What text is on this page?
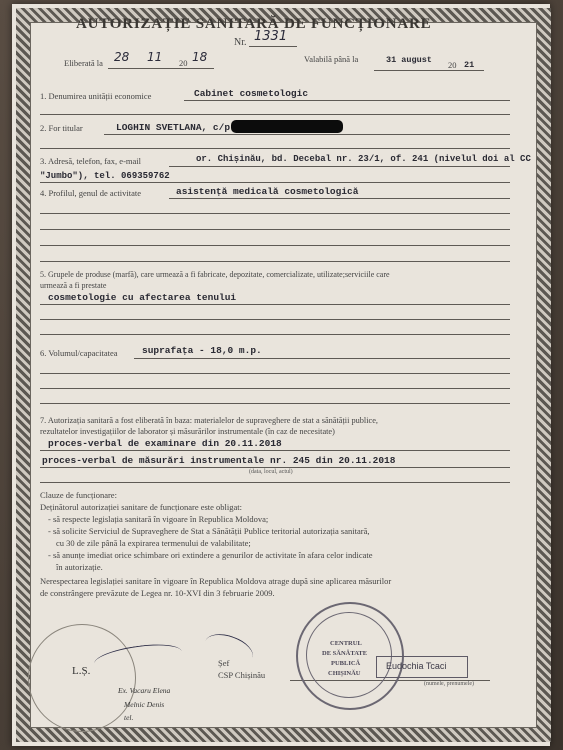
AUTORIZAȚIE SANITARĂ DE FUNCȚIONARE
Nr. 1331
Eliberată la 28 11 20 18	Valabilă până la	31 august 20 21
1. Denumirea unității economice	Cabinet cosmetologic
2. For titular	LOGHIN SVETLANA, c/p
3. Adresă, telefon, fax, e-mail	or. Chișinău, bd. Decebal nr. 23/1, of. 241 (nivelul doi al CC
"Jumbo"), tel. 069359762
4. Profilul, genul de activitate	asistență medicală cosmetologică
5. Grupele de produse (marfă), care urmează a fi fabricate, depozitate, comercializate, utilizate;serviciile care
urmează a fi prestate
cosmetologie cu afectarea tenului
6. Volumul/capacitatea	suprafața - 18,0 m.p.
7. Autorizația sanitară a fost eliberată în baza: materialelor de supraveghere de stat a sănătății publice,
rezultatelor investigațiilor de laborator și măsurărilor instrumentale (în caz de necesitate)
proces-verbal de examinare din 20.11.2018
proces-verbal de măsurări instrumentale nr. 245 din 20.11.2018
(data, locul, actul)
Clauze de funcționare:
Deținătorul autorizației sanitare de funcționare este obligat:
- să respecte legislația sanitară în vigoare în Republica Moldova;
- să solicite Serviciul de Supraveghere de Stat a Sănătății Publice teritorial autorizația sanitară,
cu 30 de zile până la expirarea termenului de valabilitate;
- să anunțe imediat orice schimbare ori extindere a genurilor de activitate în afara celor indicate
în autorizație.
Nerespectarea legislației sanitare în vigoare în Republica Moldova atrage după sine aplicarea măsurilor
de constrângere prevăzute de Legea nr. 10-XVI din 3 februarie 2009.
L.Ș.
Ex. Vacaru Elena
Melnic Denis
tel.
Șef
CSP Chișinău
CENTRUL
DE SĂNĂTATE
PUBLICĂ
CHIȘINĂU
Eudochia Tcaci
(numele, prenumele)
